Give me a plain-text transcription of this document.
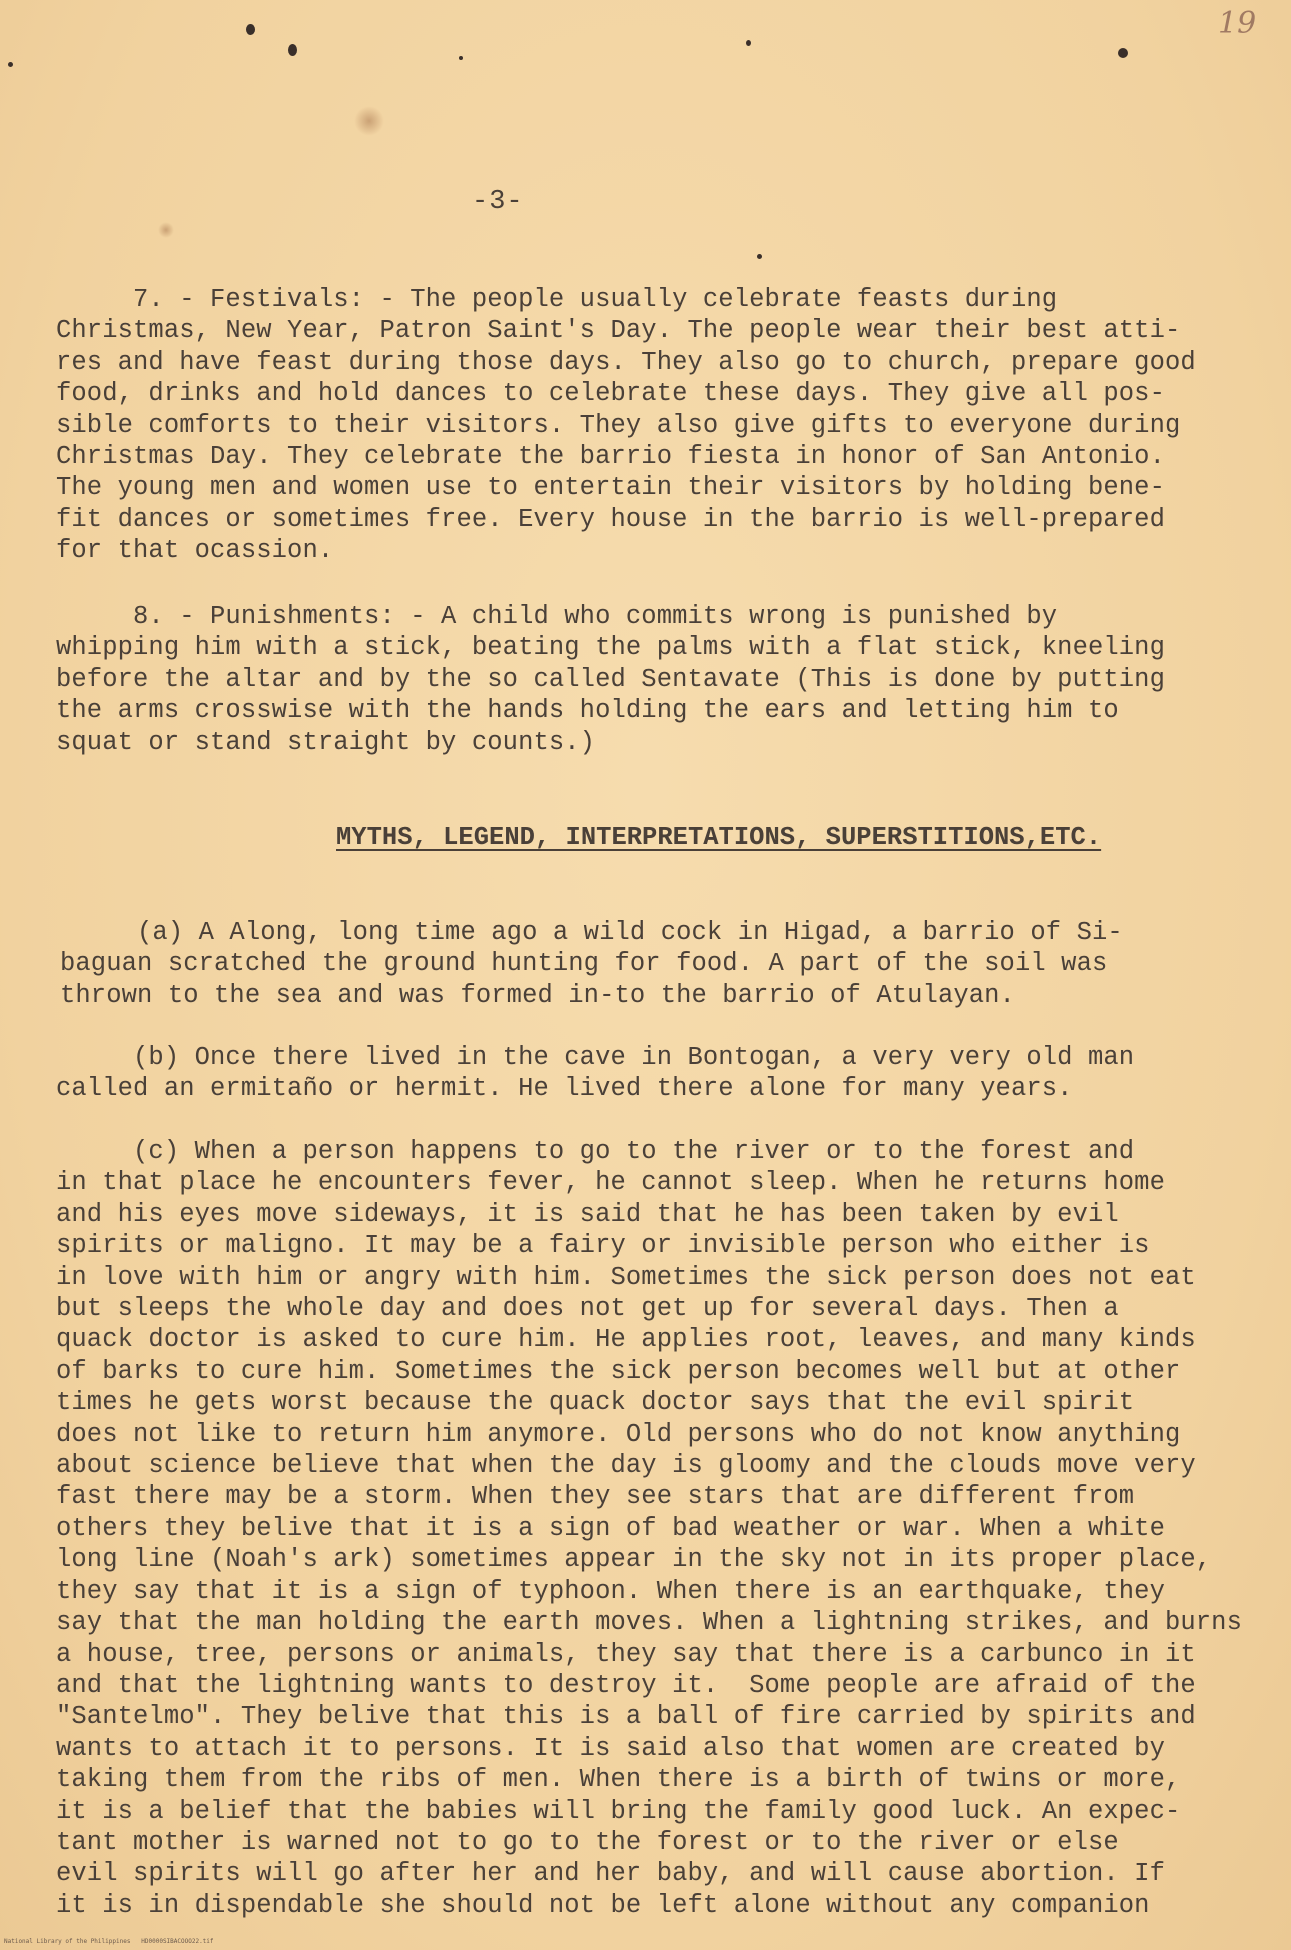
19
-3-

7. - Festivals: - The people usually celebrate feasts during
Christmas, New Year, Patron Saint's Day. The people wear their best atti-
res and have feast during those days. They also go to church, prepare good
food, drinks and hold dances to celebrate these days. They give all pos-
sible comforts to their visitors. They also give gifts to everyone during
Christmas Day. They celebrate the barrio fiesta in honor of San Antonio.
The young men and women use to entertain their visitors by holding bene-
fit dances or sometimes free. Every house in the barrio is well-prepared
for that ocassion.

8. - Punishments: - A child who commits wrong is punished by
whipping him with a stick, beating the palms with a flat stick, kneeling
before the altar and by the so called Sentavate (This is done by putting
the arms crosswise with the hands holding the ears and letting him to
squat or stand straight by counts.)

MYTHS, LEGEND, INTERPRETATIONS, SUPERSTITIONS,ETC.

(a) A Along, long time ago a wild cock in Higad, a barrio of Si-
baguan scratched the ground hunting for food. A part of the soil was
thrown to the sea and was formed in-to the barrio of Atulayan.

(b) Once there lived in the cave in Bontogan, a very very old man
called an ermitaño or hermit. He lived there alone for many years.

(c) When a person happens to go to the river or to the forest and
in that place he encounters fever, he cannot sleep. When he returns home
and his eyes move sideways, it is said that he has been taken by evil
spirits or maligno. It may be a fairy or invisible person who either is
in love with him or angry with him. Sometimes the sick person does not eat
but sleeps the whole day and does not get up for several days. Then a
quack doctor is asked to cure him. He applies root, leaves, and many kinds
of barks to cure him. Sometimes the sick person becomes well but at other
times he gets worst because the quack doctor says that the evil spirit
does not like to return him anymore. Old persons who do not know anything
about science believe that when the day is gloomy and the clouds move very
fast there may be a storm. When they see stars that are different from
others they belive that it is a sign of bad weather or war. When a white
long line (Noah's ark) sometimes appear in the sky not in its proper place,
they say that it is a sign of typhoon. When there is an earthquake, they
say that the man holding the earth moves. When a lightning strikes, and burns
a house, tree, persons or animals, they say that there is a carbunco in it
and that the lightning wants to destroy it.  Some people are afraid of the
"Santelmo". They belive that this is a ball of fire carried by spirits and
wants to attach it to persons. It is said also that women are created by
taking them from the ribs of men. When there is a birth of twins or more,
it is a belief that the babies will bring the family good luck. An expec-
tant mother is warned not to go to the forest or to the river or else
evil spirits will go after her and her baby, and will cause abortion. If
it is in dispendable she should not be left alone without any companion

National Library of the Philippines   HD0000SIBACOOO22.tif
